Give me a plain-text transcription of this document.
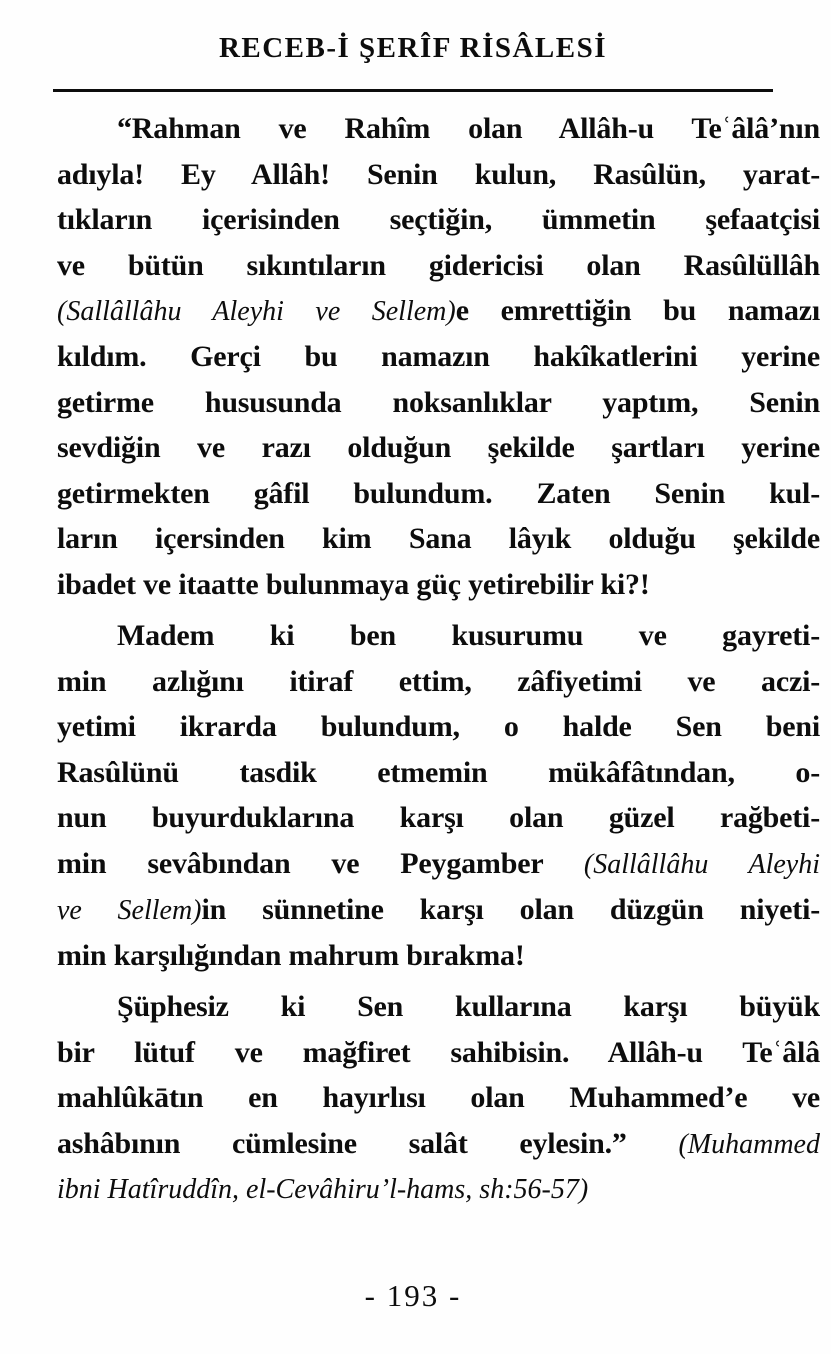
RECEB-İ ŞERÎF RİSÂLESİ
“Rahman ve Rahîm olan Allâh-u Teʿâlâ’nın
adıyla! Ey Allâh! Senin kulun, Rasûlün, yarat-
tıkların içerisinden seçtiğin, ümmetin şefaatçisi
ve bütün sıkıntıların gidericisi olan Rasûlüllâh
(Sallâllâhu Aleyhi ve Sellem)e emrettiğin bu namazı
kıldım. Gerçi bu namazın hakîkatlerini yerine
getirme hususunda noksanlıklar yaptım, Senin
sevdiğin ve razı olduğun şekilde şartları yerine
getirmekten gâfil bulundum. Zaten Senin kul-
ların içersinden kim Sana lâyık olduğu şekilde
ibadet ve itaatte bulunmaya güç yetirebilir ki?!
Madem ki ben kusurumu ve gayreti-
min azlığını itiraf ettim, zâfiyetimi ve aczi-
yetimi ikrarda bulundum, o halde Sen beni
Rasûlünü tasdik etmemin mükâfâtından, o-
nun buyurduklarına karşı olan güzel rağbeti-
min sevâbından ve Peygamber (Sallâllâhu Aleyhi
ve Sellem)in sünnetine karşı olan düzgün niyeti-
min karşılığından mahrum bırakma!
Şüphesiz ki Sen kullarına karşı büyük
bir lütuf ve mağfiret sahibisin. Allâh-u Teʿâlâ
mahlûkātın en hayırlısı olan Muhammed’e ve
ashâbının cümlesine salât eylesin.” (Muhammed
ibni Hatîruddîn, el-Cevâhiru’l-hams, sh:56-57)
- 193 -
